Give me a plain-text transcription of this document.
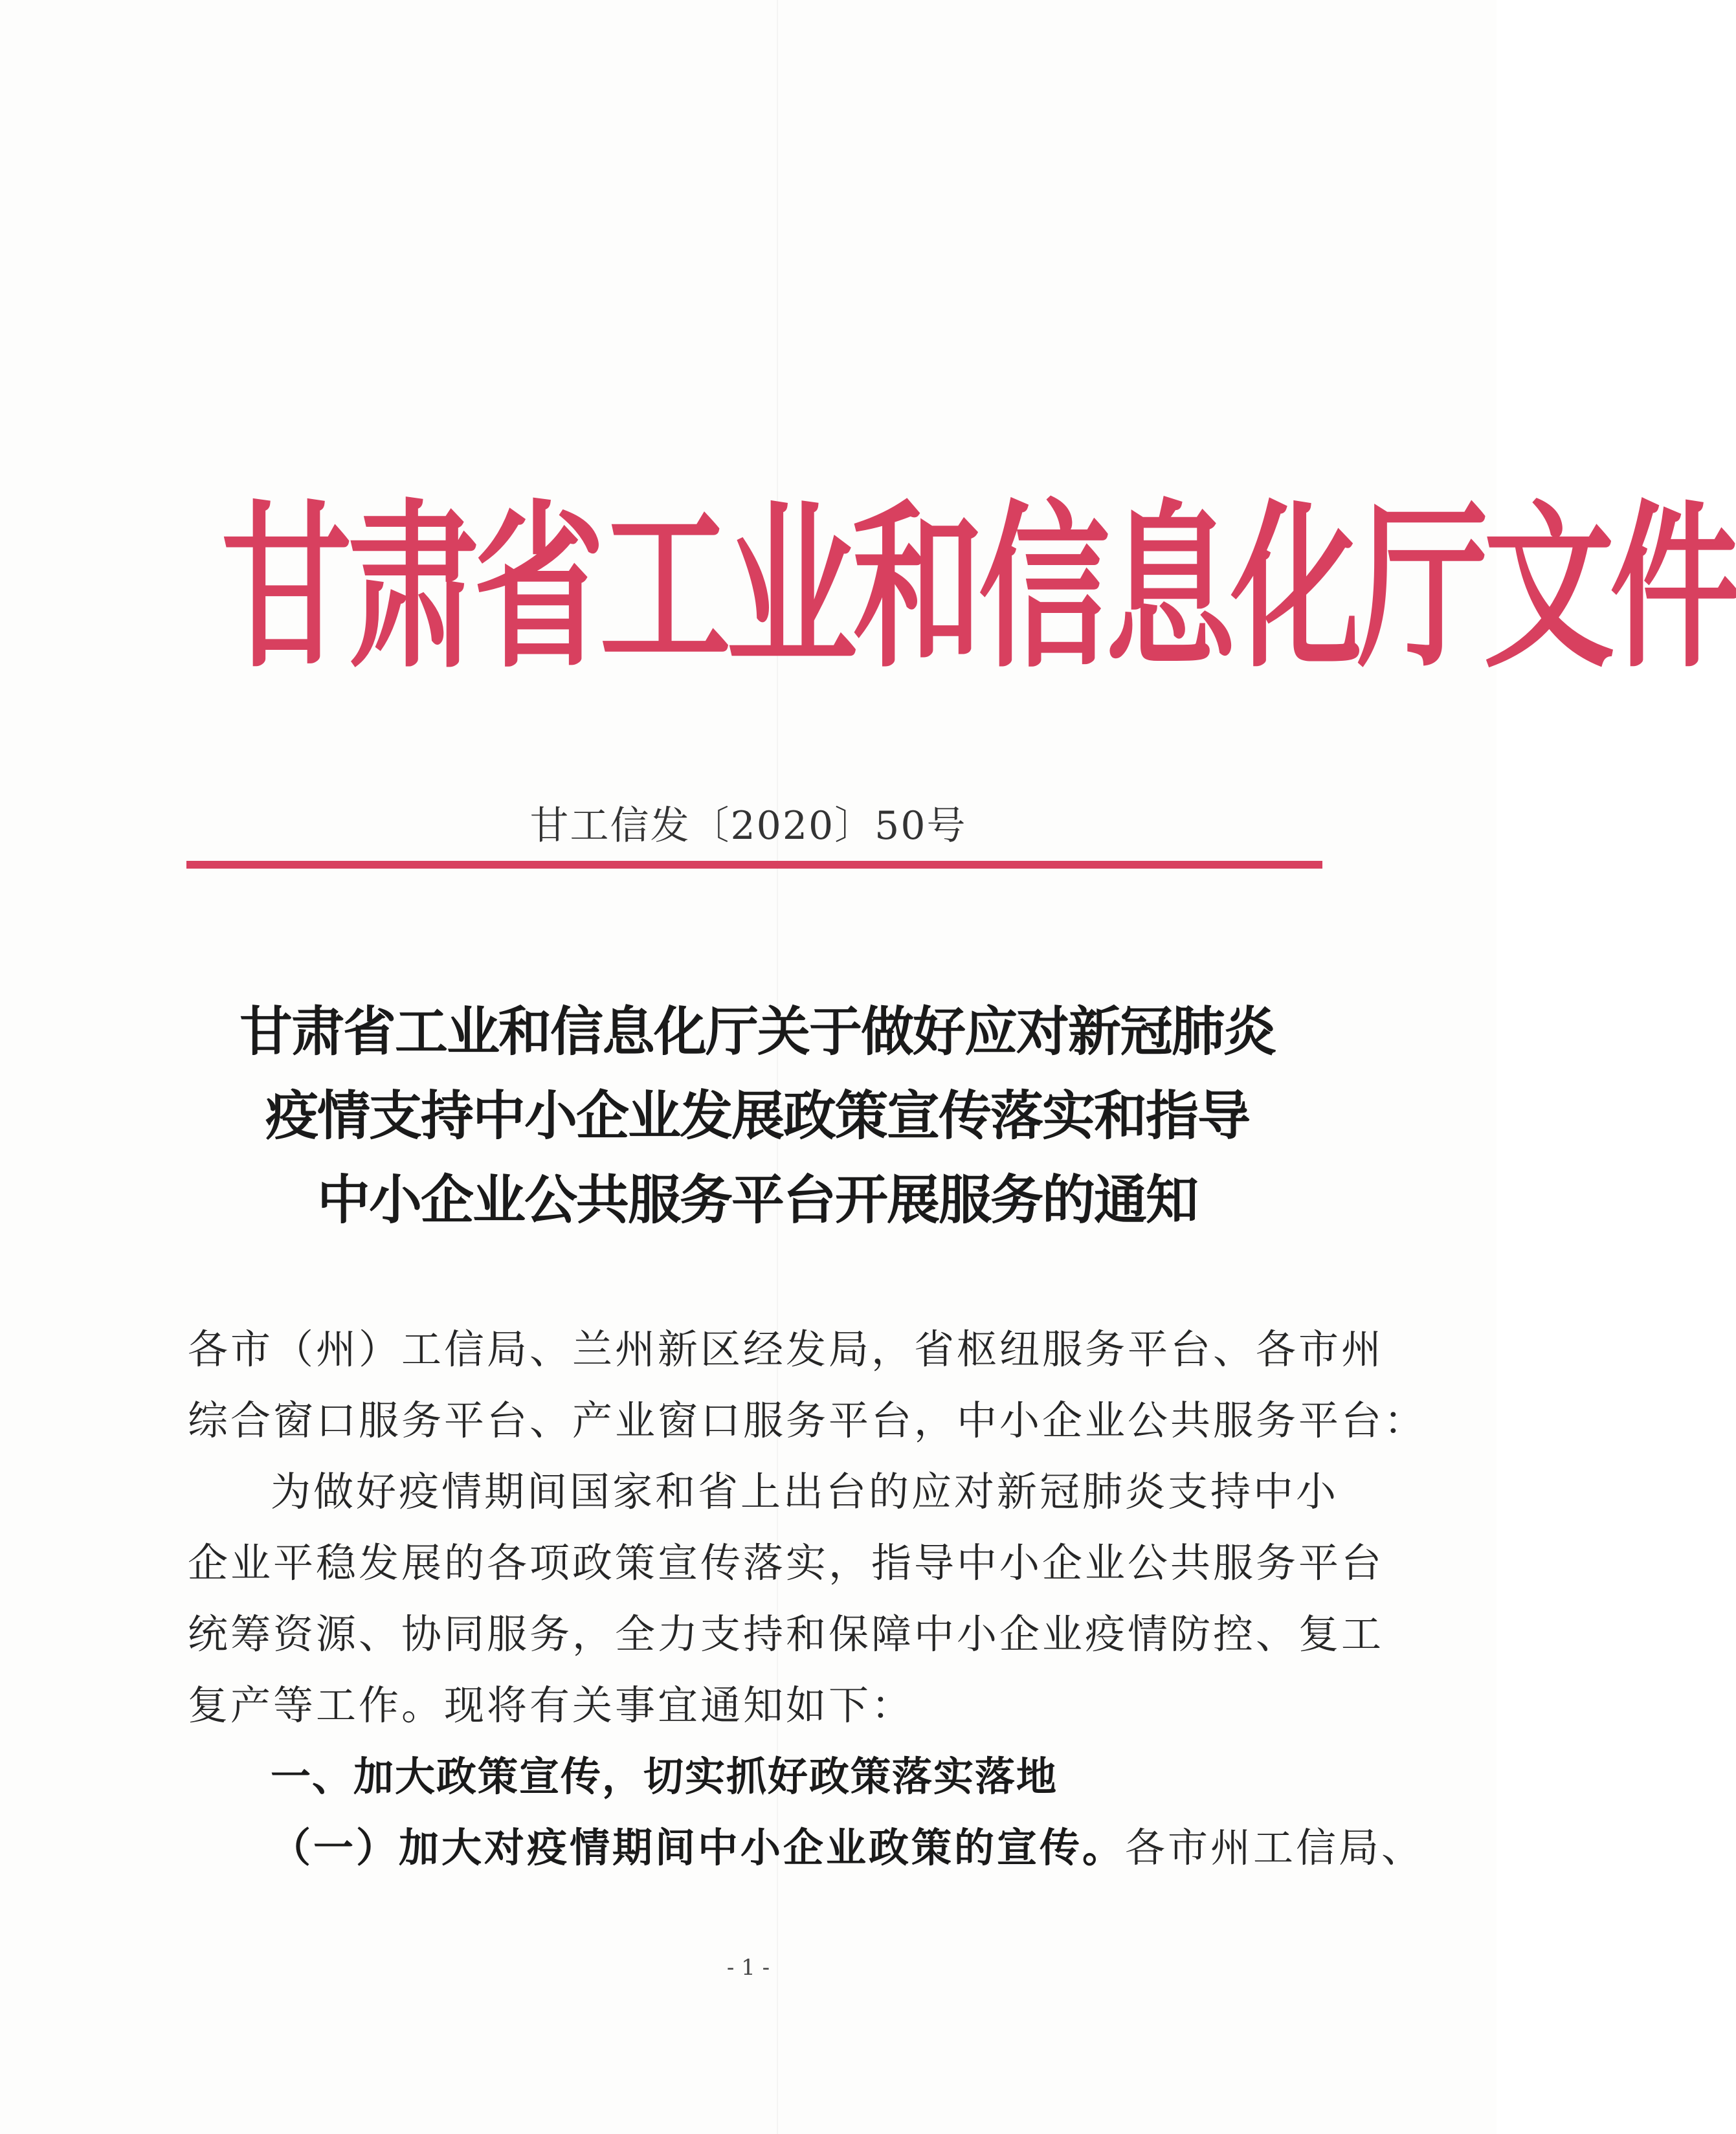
甘肃省工业和信息化厅文件
甘工信发〔2020〕50号
甘肃省工业和信息化厅关于做好应对新冠肺炎
疫情支持中小企业发展政策宣传落实和指导
中小企业公共服务平台开展服务的通知
各市（州）工信局、兰州新区经发局，省枢纽服务平台、各市州
综合窗口服务平台、产业窗口服务平台，中小企业公共服务平台：
为做好疫情期间国家和省上出台的应对新冠肺炎支持中小
企业平稳发展的各项政策宣传落实，指导中小企业公共服务平台
统筹资源、协同服务，全力支持和保障中小企业疫情防控、复工
复产等工作。现将有关事宜通知如下：
一、加大政策宣传，切实抓好政策落实落地
（一）加大对疫情期间中小企业政策的宣传。各市州工信局、
- 1 -
